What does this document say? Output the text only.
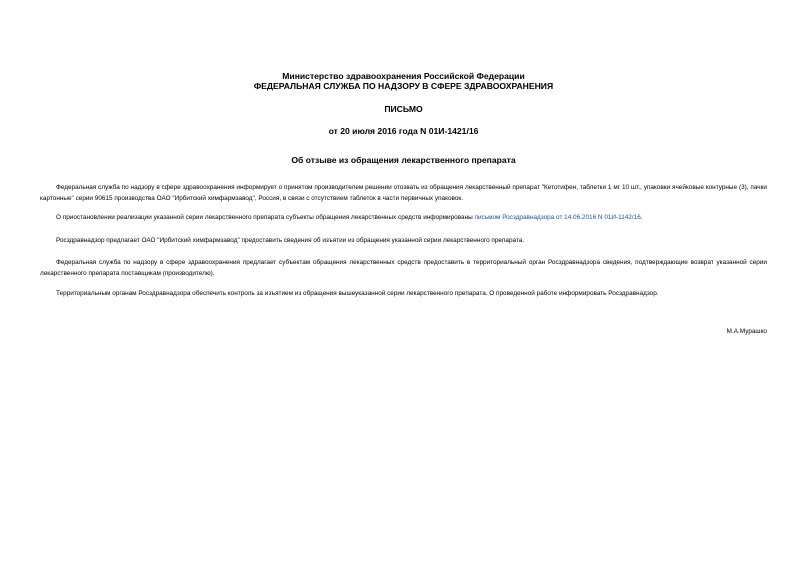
Министерство здравоохранения Российской Федерации
ФЕДЕРАЛЬНАЯ СЛУЖБА ПО НАДЗОРУ В СФЕРЕ ЗДРАВООХРАНЕНИЯ
ПИСЬМО
от 20 июля 2016 года N 01И-1421/16
Об отзыве из обращения лекарственного препарата

Федеральная служба по надзору в сфере здравоохранения информирует о принятом производителем решении отозвать из обращения лекарственный препарат "Кетотифен, таблетки 1 мг 10 шт., упаковки ячейковые контурные (3), пачки картонные" серии 90615 производства ОАО "Ирбитский химфармзавод", Россия, в связи с отсутствием таблеток в части первичных упаковок.

О приостановлении реализации указанной серии лекарственного препарата субъекты обращения лекарственных средств информированы письмом Росздравнадзора от 14.06.2016 N 01И-1142/16.

Росздравнадзор предлагает ОАО "Ирбитский химфармзавод" предоставить сведения об изъятии из обращения указанной серии лекарственного препарата.

Федеральная служба по надзору в сфере здравоохранения предлагает субъектам обращения лекарственных средств предоставить в территориальный орган Росздравнадзора сведения, подтверждающие возврат указанной серии лекарственного препарата поставщикам (производителю).

Территориальным органам Росздравнадзора обеспечить контроль за изъятием из обращения вышеуказанной серии лекарственного препарата. О проведенной работе информировать Росздравнадзор.

М.А.Мурашко
